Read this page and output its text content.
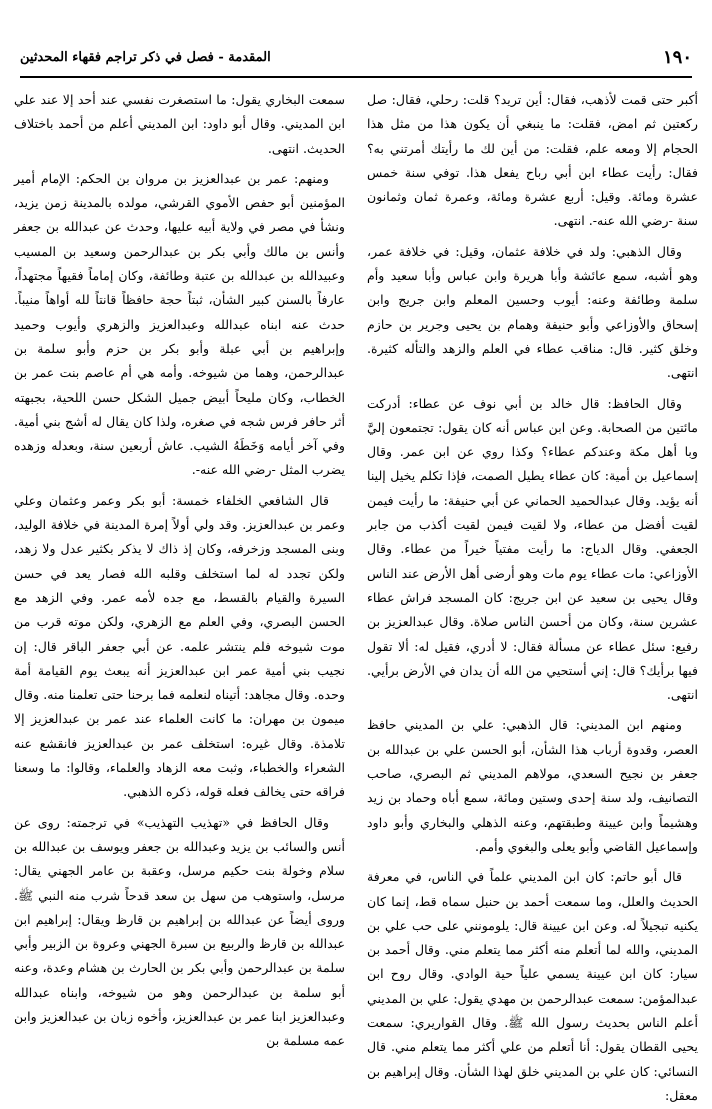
١٩٠
المقدمة - فصل في ذكر تراجم فقهاء المحدثين

أكبر حتى قمت لأذهب، فقال: أين تريد؟ قلت: رحلي، فقال: صل ركعتين ثم امض، فقلت: ما ينبغي أن يكون هذا من مثل هذا الحجام إلا ومعه علم، فقلت: من أين لك ما رأيتك أمرتني به؟ فقال: رأيت عطاء ابن أبي رباح يفعل هذا. توفي سنة خمس عشرة ومائة. وقيل: أربع عشرة ومائة، وعمرة ثمان وثمانون سنة -رضي الله عنه-. انتهى.

وقال الذهبي: ولد في خلافة عثمان، وقيل: في خلافة عمر، وهو أشبه، سمع عائشة وأبا هريرة وابن عباس وأبا سعيد وأم سلمة وطائفة وعنه: أيوب وحسين المعلم وابن جريج وابن إسحاق والأوزاعي وأبو حنيفة وهمام بن يحيى وجرير بن حازم وخلق كثير. قال: مناقب عطاء في العلم والزهد والتأله كثيرة. انتهى.

وقال الحافظ: قال خالد بن أبي نوف عن عطاء: أدركت مائتين من الصحابة. وعن ابن عباس أنه كان يقول: تجتمعون إليَّ وبا أهل مكة وعندكم عطاء؟ وكذا روي عن ابن عمر. وقال إسماعيل بن أمية: كان عطاء يطيل الصمت، فإذا تكلم يخيل إلينا أنه يؤيد. وقال عبدالحميد الحماني عن أبي حنيفة: ما رأيت فيمن لقيت أفضل من عطاء، ولا لقيت فيمن لقيت أكذب من جابر الجعفي. وقال الدياج: ما رأيت مفتياً خيراً من عطاء. وقال الأوزاعي: مات عطاء يوم مات وهو أرضى أهل الأرض عند الناس وقال يحيى بن سعيد عن ابن جريج: كان المسجد فراش عطاء عشرين سنة، وكان من أحسن الناس صلاة. وقال عبدالعزيز بن رفيع: سئل عطاء عن مسألة فقال: لا أدري، فقيل له: ألا تقول فيها برأيك؟ قال: إني أستحيي من الله أن يدان في الأرض برأيي. انتهى.

ومنهم ابن المديني: قال الذهبي: علي بن المديني حافظ العصر، وقدوة أرباب هذا الشأن، أبو الحسن علي بن عبدالله بن جعفر بن نجيح السعدي، مولاهم المديني ثم البصري، صاحب التصانيف، ولد سنة إحدى وستين ومائة، سمع أباه وحماد بن زيد وهشيماً وابن عيينة وطبقتهم، وعنه الذهلي والبخاري وأبو داود وإسماعيل القاضي وأبو يعلى والبغوي وأمم.

قال أبو حاتم: كان ابن المديني علماً في الناس، في معرفة الحديث والعلل، وما سمعت أحمد بن حنبل سماه قط، إنما كان يكنيه تبجيلاً له. وعن ابن عيينة قال: يلومونني على حب علي بن المديني، والله لما أتعلم منه أكثر مما يتعلم مني. وقال أحمد بن سيار: كان ابن عيينة يسمي علياً حية الوادي. وقال روح ابن عبدالمؤمن: سمعت عبدالرحمن بن مهدي يقول: علي بن المديني أعلم الناس بحديث رسول الله ﷺ. وقال القواريري: سمعت يحيى القطان يقول: أنا أتعلم من علي أكثر مما يتعلم مني. قال النسائي: كان علي بن المديني خلق لهذا الشأن. وقال إبراهيم بن معقل:

سمعت البخاري يقول: ما استصغرت نفسي عند أحد إلا عند علي ابن المديني. وقال أبو داود: ابن المديني أعلم من أحمد باختلاف الحديث. انتهى.

ومنهم: عمر بن عبدالعزيز بن مروان بن الحكم: الإمام أمير المؤمنين أبو حفص الأموي القرشي، مولده بالمدينة زمن يزيد، ونشأ في مصر في ولاية أبيه عليها، وحدث عن عبدالله بن جعفر وأنس بن مالك وأبي بكر بن عبدالرحمن وسعيد بن المسيب وعبيدالله بن عبدالله بن عتبة وطائفة، وكان إماماً فقيهاً مجتهداً، عارفاً بالسنن كبير الشأن، ثبتاً حجة حافظاً قانتاً لله أواهاً منيباً. حدث عنه ابناه عبدالله وعبدالعزيز والزهري وأيوب وحميد وإبراهيم بن أبي عبلة وأبو بكر بن حزم وأبو سلمة بن عبدالرحمن، وهما من شيوخه. وأمه هي أم عاصم بنت عمر بن الخطاب، وكان مليحاً أبيض جميل الشكل حسن اللحية، بجبهته أثر حافر فرس شجه في صغره، ولذا كان يقال له أشج بني أمية. وفي آخر أيامه وَخَطَهُ الشيب. عاش أربعين سنة، وبعدله وزهده يضرب المثل -رضي الله عنه-.

قال الشافعي الخلفاء خمسة: أبو بكر وعمر وعثمان وعلي وعمر بن عبدالعزيز. وقد ولي أولاً إمرة المدينة في خلافة الوليد، وبنى المسجد وزخرفه، وكان إذ ذاك لا يذكر بكثير عدل ولا زهد، ولكن تجدد له لما استخلف وقلبه الله فصار يعد في حسن السيرة والقيام بالقسط، مع جده لأمه عمر. وفي الزهد مع الحسن البصري، وفي العلم مع الزهري، ولكن موته قرب من موت شيوخه فلم ينتشر علمه. عن أبي جعفر الباقر قال: إن نجيب بني أمية عمر ابن عبدالعزيز أنه يبعث يوم القيامة أمة وحده. وقال مجاهد: أتيناه لنعلمه فما برحنا حتى تعلمنا منه. وقال ميمون بن مهران: ما كانت العلماء عند عمر بن عبدالعزيز إلا تلامذة. وقال غيره: استخلف عمر بن عبدالعزيز فانقشع عنه الشعراء والخطباء، وثبت معه الزهاد والعلماء، وقالوا: ما وسعنا فراقه حتى يخالف فعله قوله، ذكره الذهبي.

وقال الحافظ في «تهذيب التهذيب» في ترجمته: روى عن أنس والسائب بن يزيد وعبدالله بن جعفر ويوسف بن عبدالله بن سلام وخولة بنت حكيم مرسل، وعقبة بن عامر الجهني يقال: مرسل، واستوهب من سهل بن سعد قدحاً شرب منه النبي ﷺ. وروى أيضاً عن عبدالله بن إبراهيم بن قارظ ويقال: إبراهيم ابن عبدالله بن قارظ والربيع بن سبرة الجهني وعروة بن الزبير وأبي سلمة بن عبدالرحمن وأبي بكر بن الحارث بن هشام وعدة، وعنه أبو سلمة بن عبدالرحمن وهو من شيوخه، وابناه عبدالله وعبدالعزيز ابنا عمر بن عبدالعزيز، وأخوه زبان بن عبدالعزيز وابن عمه مسلمة بن
